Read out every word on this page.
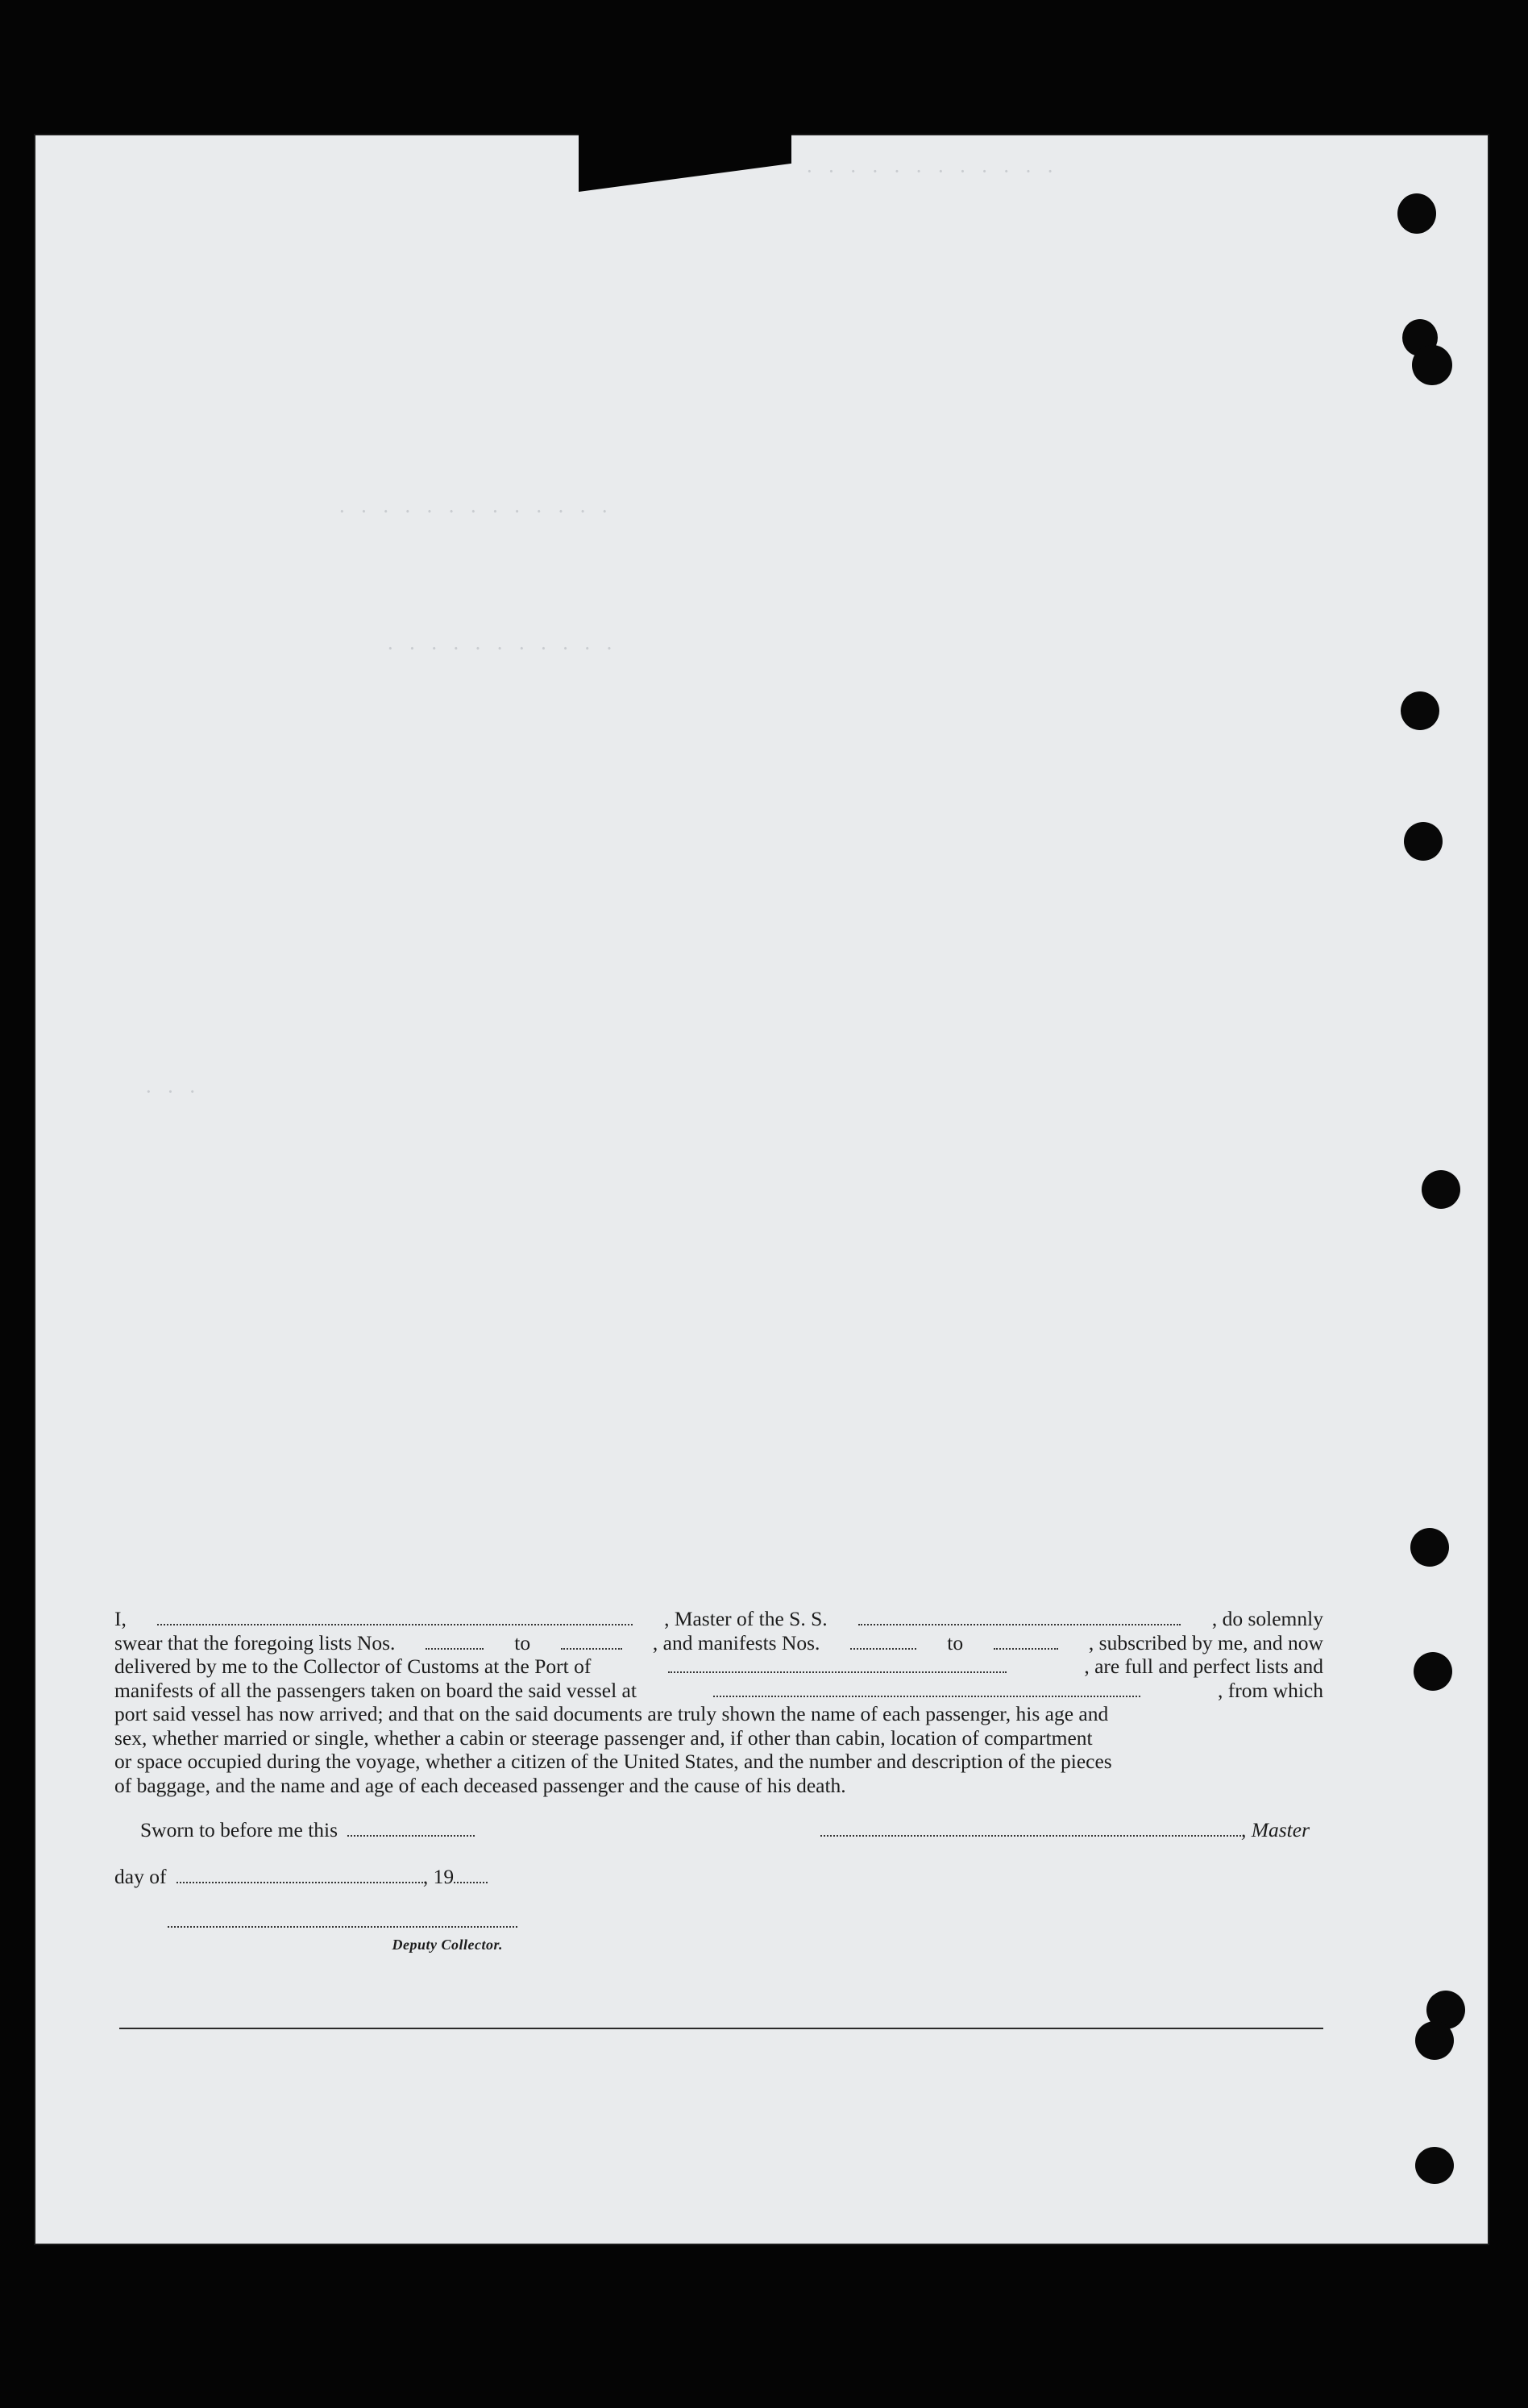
· · · · · · · · · · · ·
· · · · · · · · · · · · ·
· · · · · · · · · · ·
· · ·
I,	, Master of the S. S.	, do solemnly
swear that the foregoing lists Nos.	to	, and manifests Nos.	to	, subscribed by me, and now
delivered by me to the Collector of Customs at the Port of	, are full and perfect lists and
manifests of all the passengers taken on board the said vessel at	, from which
port said vessel has now arrived; and that on the said documents are truly shown the name of each passenger, his age and
sex, whether married or single, whether a cabin or steerage passenger and, if other than cabin, location of compartment
or space occupied during the voyage, whether a citizen of the United States, and the number and description of the pieces
of baggage, and the name and age of each deceased passenger and the cause of his death.
Sworn to before me this	, Master
day of	, 19
Deputy Collector.
